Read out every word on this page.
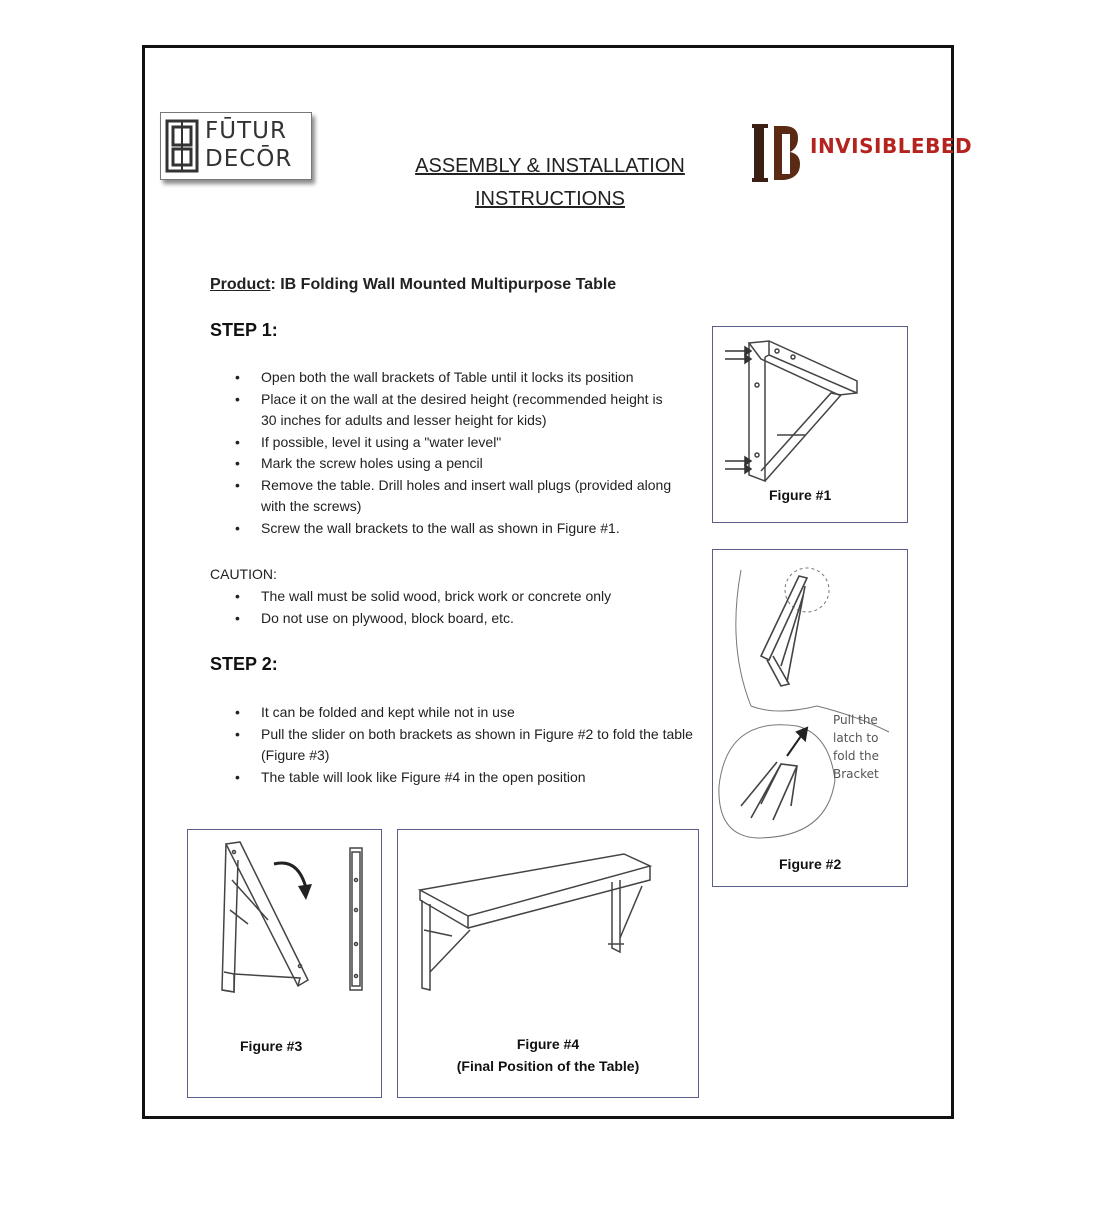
FŪTUR
DECŌR	INVISIBLEBED
ASSEMBLY & INSTALLATION
INSTRUCTIONS
Product: IB Folding Wall Mounted Multipurpose Table
STEP 1:
• Open both the wall brackets of Table until it locks its position
• Place it on the wall at the desired height (recommended height is 30 inches for adults and lesser height for kids)
• If possible, level it using a "water level"
• Mark the screw holes using a pencil
• Remove the table. Drill holes and insert wall plugs (provided along with the screws)
• Screw the wall brackets to the wall as shown in Figure #1.
CAUTION:
• The wall must be solid wood, brick work or concrete only
• Do not use on plywood, block board, etc.
STEP 2:
• It can be folded and kept while not in use
• Pull the slider on both brackets as shown in Figure #2 to fold the table (Figure #3)
• The table will look like Figure #4 in the open position
Figure #1
Pull the
latch to
fold the
Bracket
Figure #2
Figure #3	Figure #4
(Final Position of the Table)
